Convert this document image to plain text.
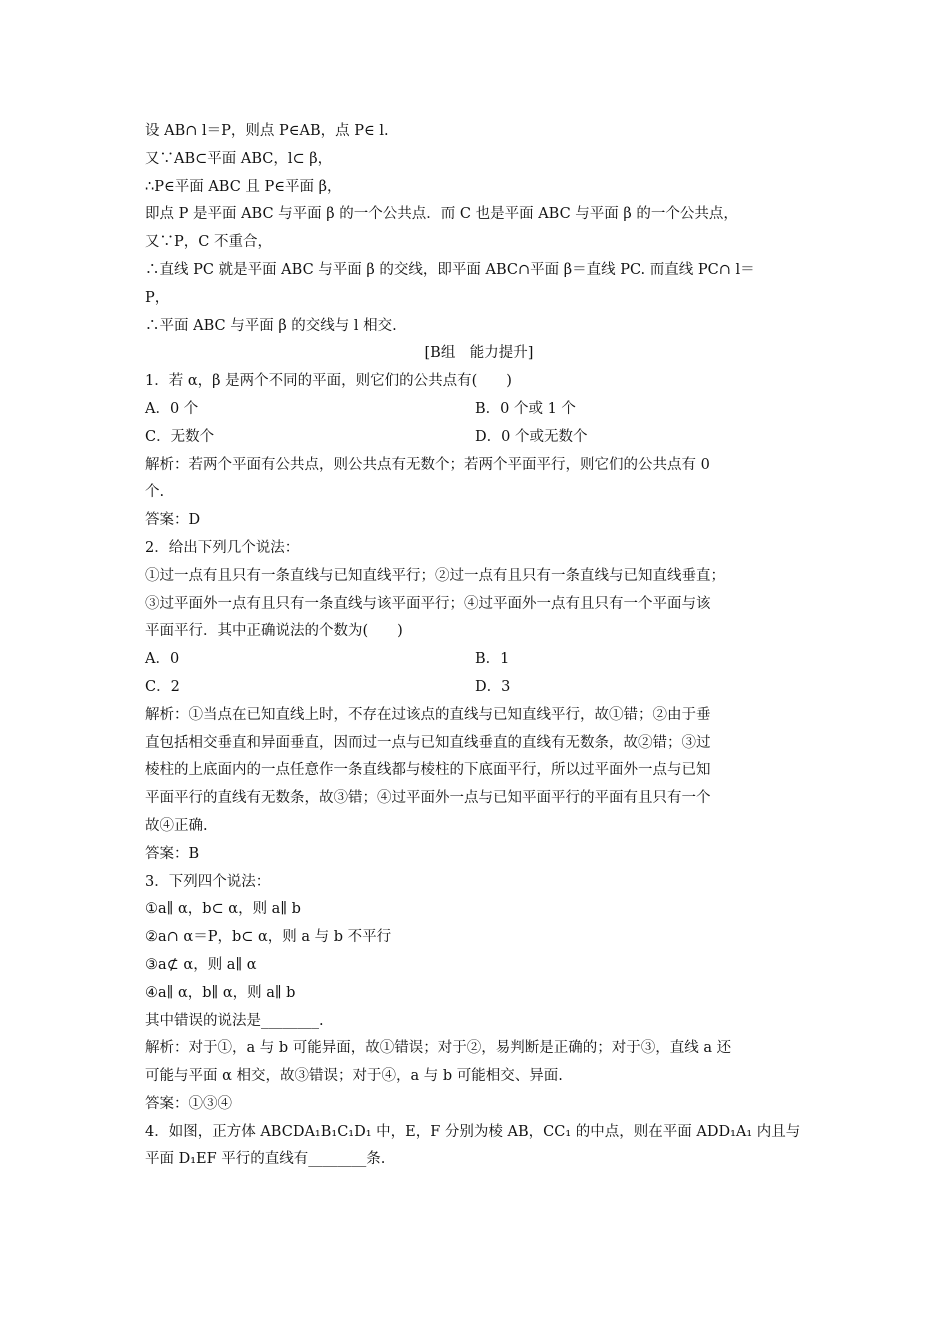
设 AB∩ l＝P，则点 P∈AB，点 P∈ l.
又∵AB⊂平面 ABC，l⊂ β，
∴P∈平面 ABC 且 P∈平面 β，
即点 P 是平面 ABC 与平面 β 的一个公共点．而 C 也是平面 ABC 与平面 β 的一个公共点，
又∵P，C 不重合，
∴直线 PC 就是平面 ABC 与平面 β 的交线，即平面 ABC∩平面 β＝直线 PC. 而直线 PC∩ l＝
P，
∴平面 ABC 与平面 β 的交线与 l 相交.
[B组　能力提升]
1．若 α，β 是两个不同的平面，则它们的公共点有(　　)
A．0 个	B．0 个或 1 个
C．无数个	D．0 个或无数个
解析：若两个平面有公共点，则公共点有无数个；若两个平面平行，则它们的公共点有 0
个.
答案：D
2．给出下列几个说法：
①过一点有且只有一条直线与已知直线平行；②过一点有且只有一条直线与已知直线垂直；
③过平面外一点有且只有一条直线与该平面平行；④过平面外一点有且只有一个平面与该
平面平行．其中正确说法的个数为(　　)
A．0	B．1
C．2	D．3
解析：①当点在已知直线上时，不存在过该点的直线与已知直线平行，故①错；②由于垂
直包括相交垂直和异面垂直，因而过一点与已知直线垂直的直线有无数条，故②错；③过
棱柱的上底面内的一点任意作一条直线都与棱柱的下底面平行，所以过平面外一点与已知
平面平行的直线有无数条，故③错；④过平面外一点与已知平面平行的平面有且只有一个
故④正确.
答案：B
3．下列四个说法：
①a∥ α，b⊂ α，则 a∥ b
②a∩ α＝P，b⊂ α，则 a 与 b 不平行
③a⊄ α，则 a∥ α
④a∥ α，b∥ α，则 a∥ b
其中错误的说法是________.
解析：对于①，a 与 b 可能异面，故①错误；对于②，易判断是正确的；对于③，直线 a 还
可能与平面 α 相交，故③错误；对于④，a 与 b 可能相交、异面.
答案：①③④
4．如图，正方体 ABCDA₁B₁C₁D₁ 中，E，F 分别为棱 AB，CC₁ 的中点，则在平面 ADD₁A₁ 内且与
平面 D₁EF 平行的直线有________条.
